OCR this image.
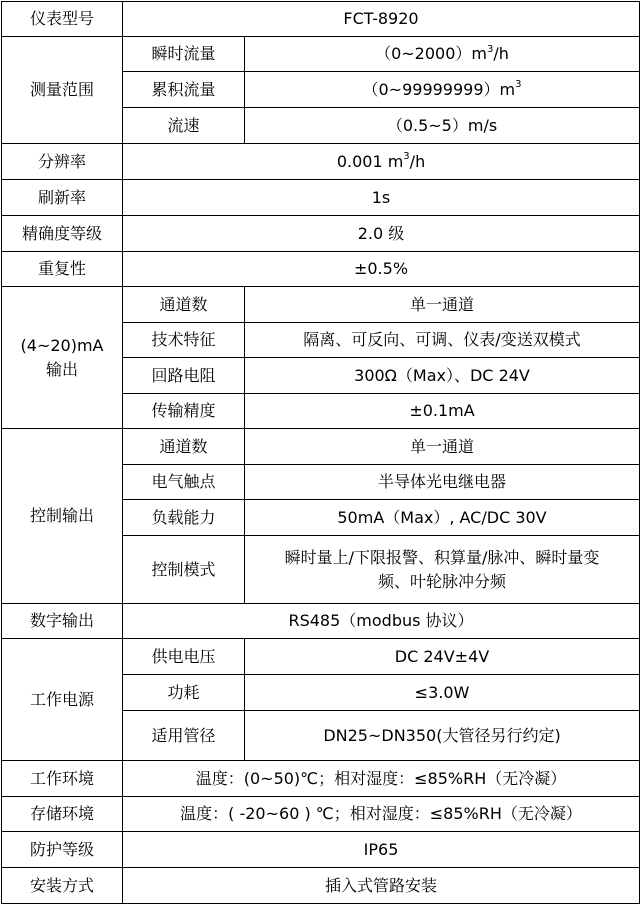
仪表型号	FCT-8920	
测量范围	瞬时流量	$(0\sim 2000)m^3/h$
	累积流量	$(0\sim 99999999)m^3$
	流速	（0.5~5）m/s
分辨率	0.001 $m^3/h$	
刷新率	1s	
精确度等级	2.0 级	
重复性	±0.5%	

(4~20)mA
输出	通道数	单一通道
	技术特征	隔离、可反向、可调、仪表/变送双模式
	回路电阻	300Ω（Max）、DC 24V
	传输精度	±0.1mA
控制输出	通道数	单一通道
	电气触点	半导体光电继电器
	负载能力	50mA（Max）, AC/DC 30V
	控制模式	瞬时量上/下限报警、积算量/脉冲、瞬时量变
频、叶轮脉冲分频

数字输出	RS485（modbus 协议）	
工作电源	供电电压	DC 24V±4V
	功耗	≤3.0W
	适用管径	DN25~DN350(大管径另行约定)
工作环境	温度：(0~50)℃；相对湿度：≤85%RH（无冷凝）	
存储环境	温度：( -20~60 ) ℃；相对湿度：≤85%RH（无冷凝）	
防护等级	IP65	
安装方式	插入式管路安装	
